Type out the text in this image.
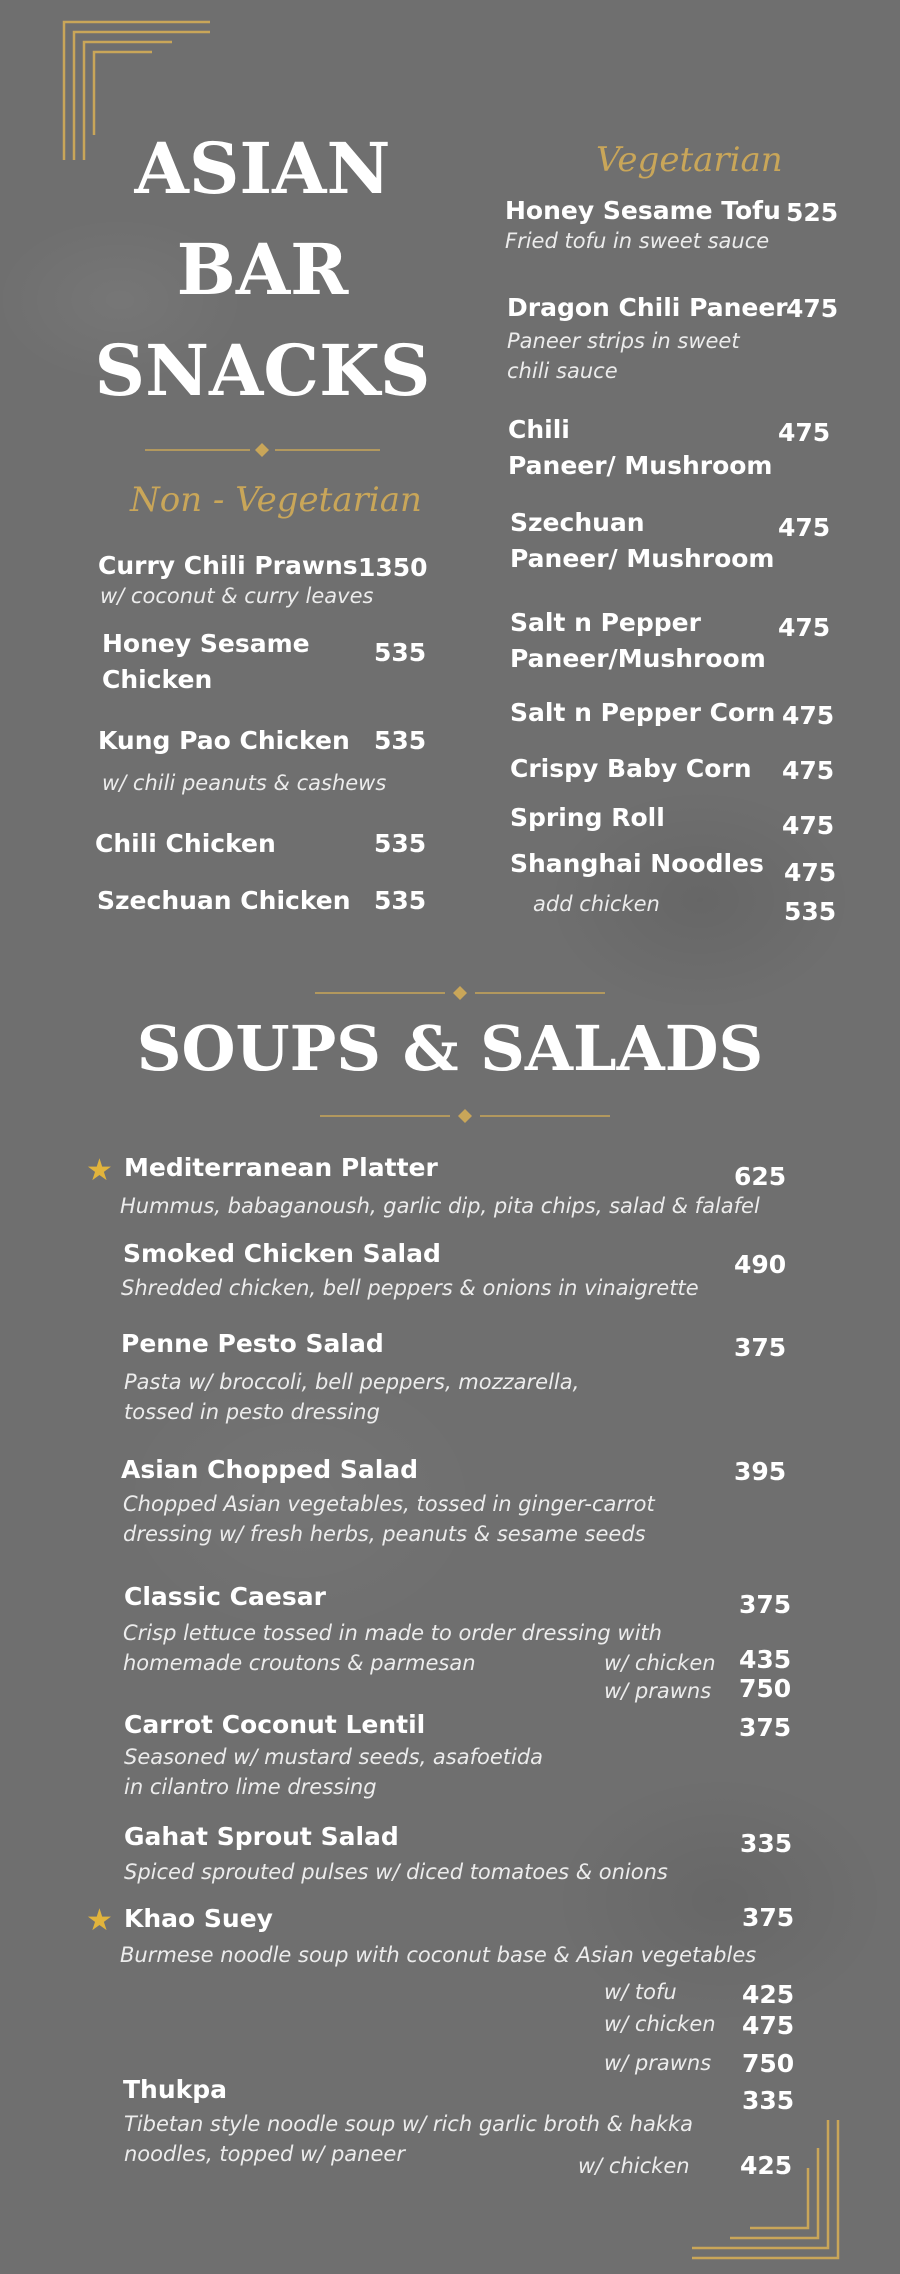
ASIAN
BAR
SNACKS
Non - Vegetarian
Curry Chili Prawns 1350
w/ coconut & curry leaves
Honey Sesame
Chicken
535
Kung Pao Chicken 535
w/ chili peanuts & cashews
Chili Chicken	535
Szechuan Chicken 535
Vegetarian
Honey Sesame Tofu 525
Fried tofu in sweet sauce
Dragon Chili Paneer
475
Paneer strips in sweet
chili sauce
Chili
Paneer/ Mushroom
475
Szechuan
Paneer/ Mushroom
475
Salt n Pepper
Paneer/Mushroom
475
Salt n Pepper Corn 475
Crispy Baby Corn 475
Spring Roll	475
Shanghai Noodles 475
add chicken	535
SOUPS & SALADS
★ Mediterranean Platter	625
Hummus, babaganoush, garlic dip, pita chips, salad & falafel
Smoked Chicken Salad	490
Shredded chicken, bell peppers & onions in vinaigrette
Penne Pesto Salad	375
Pasta w/ broccoli, bell peppers, mozzarella,
tossed in pesto dressing
Asian Chopped Salad	395
Chopped Asian vegetables, tossed in ginger-carrot
dressing w/ fresh herbs, peanuts & sesame seeds
Classic Caesar	375
Crisp lettuce tossed in made to order dressing with
homemade croutons & parmesan	w/ chicken 435
w/ prawns 750
Carrot Coconut Lentil	375
Seasoned w/ mustard seeds, asafoetida
in cilantro lime dressing
Gahat Sprout Salad	335
Spiced sprouted pulses w/ diced tomatoes & onions
★ Khao Suey	375
Burmese noodle soup with coconut base & Asian vegetables
w/ tofu	425
w/ chicken 475
w/ prawns 750
Thukpa	335
Tibetan style noodle soup w/ rich garlic broth & hakka
noodles, topped w/ paneer	w/ chicken 425
